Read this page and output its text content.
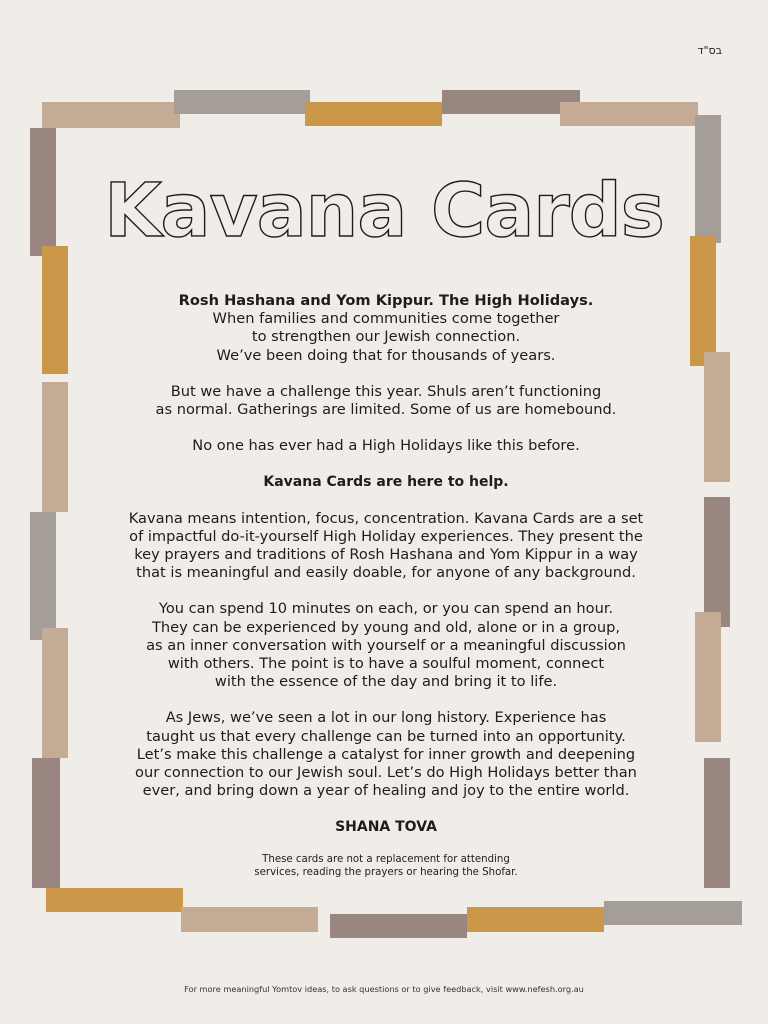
בס"ד
Kavana Cards

Rosh Hashana and Yom Kippur. The High Holidays.
When families and communities come together
to strengthen our Jewish connection.
We’ve been doing that for thousands of years.

But we have a challenge this year. Shuls aren’t functioning
as normal. Gatherings are limited. Some of us are homebound.

No one has ever had a High Holidays like this before.

Kavana Cards are here to help.

Kavana means intention, focus, concentration. Kavana Cards are a set
of impactful do-it-yourself High Holiday experiences. They present the
key prayers and traditions of Rosh Hashana and Yom Kippur in a way
that is meaningful and easily doable, for anyone of any background.

You can spend 10 minutes on each, or you can spend an hour.
They can be experienced by young and old, alone or in a group,
as an inner conversation with yourself or a meaningful discussion
with others. The point is to have a soulful moment, connect
with the essence of the day and bring it to life.

As Jews, we’ve seen a lot in our long history. Experience has
taught us that every challenge can be turned into an opportunity.
Let’s make this challenge a catalyst for inner growth and deepening
our connection to our Jewish soul. Let’s do High Holidays better than
ever, and bring down a year of healing and joy to the entire world.

SHANA TOVA

These cards are not a replacement for attending
services, reading the prayers or hearing the Shofar.

For more meaningful Yomtov ideas, to ask questions or to give feedback, visit www.nefesh.org.au
